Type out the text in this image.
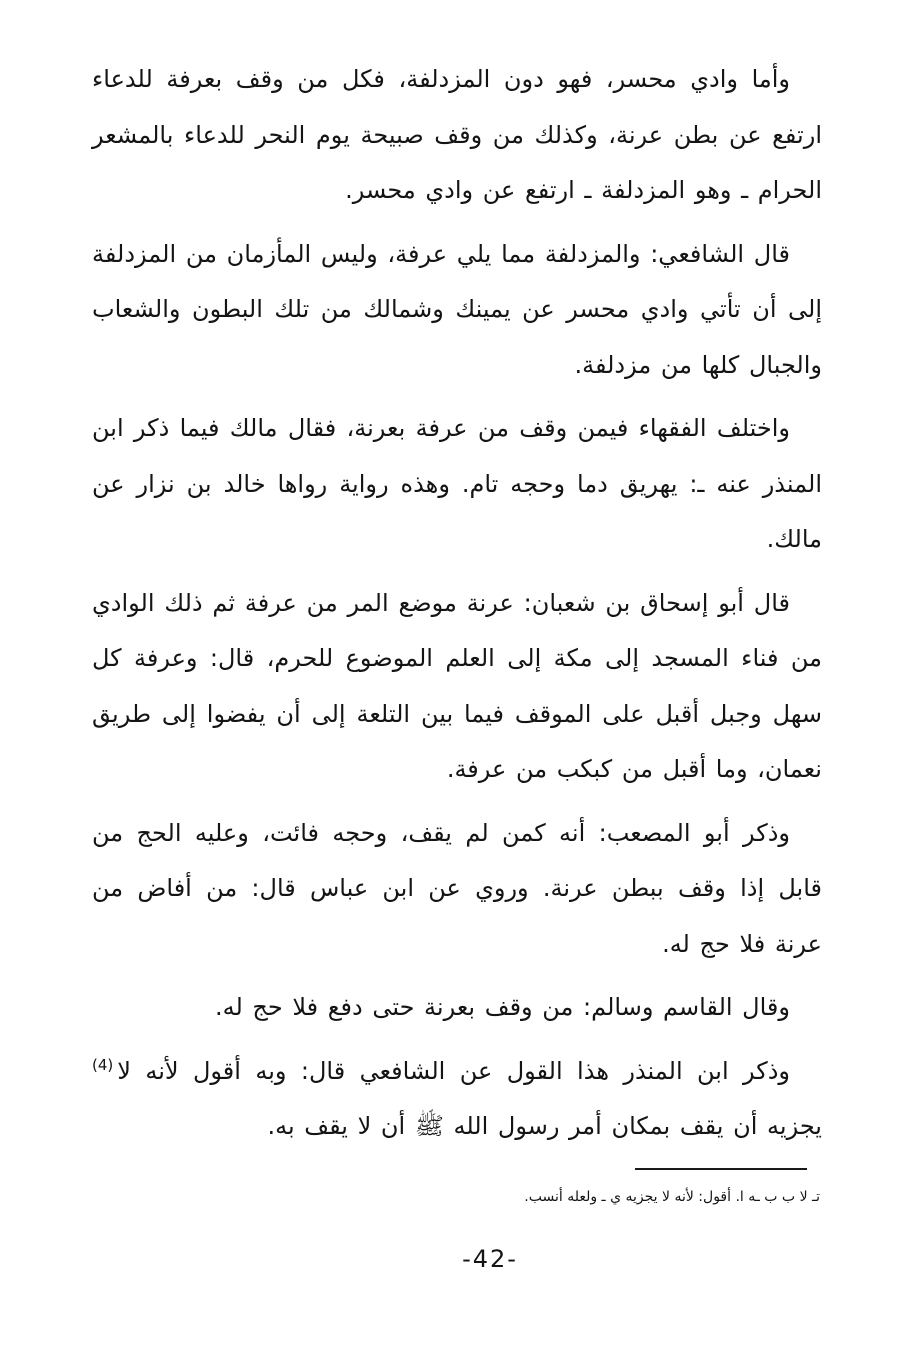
وأما وادي محسر، فهو دون المزدلفة، فكل من وقف بعرفة للدعاء ارتفع عن بطن عرنة، وكذلك من وقف صبيحة يوم النحر للدعاء بالمشعر الحرام ـ وهو المزدلفة ـ ارتفع عن وادي محسر.

قال الشافعي: والمزدلفة مما يلي عرفة، وليس المأزمان من المزدلفة إلى أن تأتي وادي محسر عن يمينك وشمالك من تلك البطون والشعاب والجبال كلها من مزدلفة.

واختلف الفقهاء فيمن وقف من عرفة بعرنة، فقال مالك فيما ذكر ابن المنذر عنه ـ: يهريق دما وحجه تام. وهذه رواية رواها خالد بن نزار عن مالك.

قال أبو إسحاق بن شعبان: عرنة موضع المر من عرفة ثم ذلك الوادي من فناء المسجد إلى مكة إلى العلم الموضوع للحرم، قال: وعرفة كل سهل وجبل أقبل على الموقف فيما بين التلعة إلى أن يفضوا إلى طريق نعمان، وما أقبل من كبكب من عرفة.

وذكر أبو المصعب: أنه كمن لم يقف، وحجه فائت، وعليه الحج من قابل إذا وقف ببطن عرنة. وروي عن ابن عباس قال: من أفاض من عرنة فلا حج له.

وقال القاسم وسالم: من وقف بعرنة حتى دفع فلا حج له.

وذكر ابن المنذر هذا القول عن الشافعي قال: وبه أقول لأنه لا$^{(4)}$ يجزيه أن يقف بمكان أمر رسول الله ﷺ أن لا يقف به.

تـ لا ب ب ـه ا. أقول: لأنه لا يجزيه ي ـ ولعله أنسب.
-42-
